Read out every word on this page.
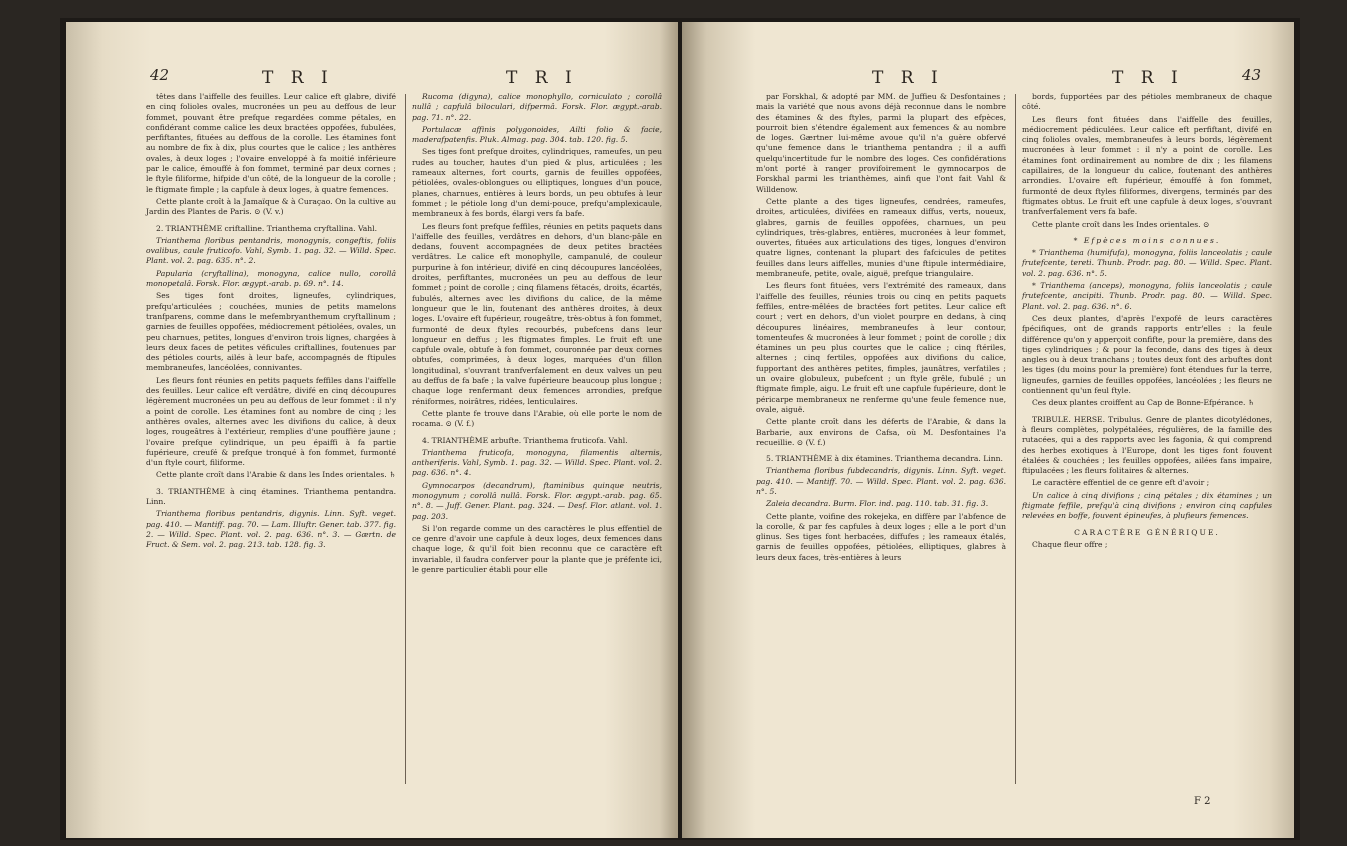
42	T R I	T R I

têtes dans l'aiffelle des feuilles. Leur calice eft glabre, divifé en cinq folioles ovales, mucronées un peu au deffous de leur fommet, pouvant être prefque regardées comme pétales, en confidérant comme calice les deux bractées oppofées, fubulées, perfiftantes, fituées au deffous de la corolle. Les étamines font au nombre de fix à dix, plus courtes que le calice ; les anthères ovales, à deux loges ; l'ovaire enveloppé à fa moitié inférieure par le calice, émouffé à fon fommet, terminé par deux cornes ; le ftyle filiforme, hifpide d'un côté, de la longueur de la corolle ; le ftigmate fimple ; la capfule à deux loges, à quatre femences.

Cette plante croît à la Jamaïque & à Curaçao. On la cultive au Jardin des Plantes de Paris. ⊙ (V. v.)

2. TRIANTHÈME criftalline. Trianthema cryftallina. Vahl.

Trianthema floribus pentandris, monogynis, congeftis, foliis ovalibus, caule fruticofo. Vahl, Symb. 1. pag. 32. — Willd. Spec. Plant. vol. 2. pag. 635. n°. 2.

Papularia (cryftallina), monogyna, calice nullo, corollâ monopetalâ. Forsk. Flor. ægypt.-arab. p. 69. n°. 14.

Ses tiges font droites, ligneufes, cylindriques, prefqu'articulées ; couchées, munies de petits mamelons tranfparens, comme dans le mefembryanthemum cryftallinum ; garnies de feuilles oppofées, médiocrement pétiolées, ovales, un peu charnues, petites, longues d'environ trois lignes, chargées à leurs deux faces de petites véficules criftallines, foutenues par des pétioles courts, ailés à leur bafe, accompagnés de ftipules membraneufes, lancéolées, connivantes.

Les fleurs font réunies en petits paquets feffiles dans l'aiffelle des feuilles. Leur calice eft verdâtre, divifé en cinq découpures légèrement mucronées un peu au deffous de leur fommet : il n'y a point de corolle. Les étamines font au nombre de cinq ; les anthères ovales, alternes avec les divifions du calice, à deux loges, rougeâtres à l'extérieur, remplies d'une pouffière jaune ; l'ovaire prefque cylindrique, un peu épaiffi à fa partie fupérieure, creufé & prefque tronqué à fon fommet, furmonté d'un ftyle court, filiforme.

Cette plante croît dans l'Arabie & dans les Indes orientales. ♄

3. TRIANTHÈME à cinq étamines. Trianthema pentandra. Linn.

Trianthema floribus pentandris, digynis. Linn. Syft. veget. pag. 410. — Mantiff. pag. 70. — Lam. Illuftr. Gener. tab. 377. fig. 2. — Willd. Spec. Plant. vol. 2. pag. 636. n°. 3. — Gærtn. de Fruct. & Sem. vol. 2. pag. 213. tab. 128. fig. 3.

Rucoma (digyna), calice monophyllo, corniculato ; corollâ nullâ ; capfulâ biloculari, difpermâ. Forsk. Flor. ægypt.-arab. pag. 71. n°. 22.

Portulacæ affinis polygonoides, Ailti folio & facie, maderafpatenfis. Pluk. Almag. pag. 304. tab. 120. fig. 5.

Ses tiges font prefque droites, cylindriques, rameufes, un peu rudes au toucher, hautes d'un pied & plus, articulées ; les rameaux alternes, fort courts, garnis de feuilles oppofées, pétiolées, ovales-oblongues ou elliptiques, longues d'un pouce, planes, charnues, entières à leurs bords, un peu obtufes à leur fommet ; le pétiole long d'un demi-pouce, prefqu'amplexicaule, membraneux à fes bords, élargi vers fa bafe.

Les fleurs font prefque feffiles, réunies en petits paquets dans l'aiffelle des feuilles, verdâtres en dehors, d'un blanc-pâle en dedans, fouvent accompagnées de deux petites bractées verdâtres. Le calice eft monophylle, campanulé, de couleur purpurine à fon intérieur, divifé en cinq découpures lancéolées, droites, perfiftantes, mucronées un peu au deffous de leur fommet ; point de corolle ; cinq filamens fétacés, droits, écartés, fubulés, alternes avec les divifions du calice, de la même longueur que le lin, foutenant des anthères droites, à deux loges. L'ovaire eft fupérieur, rougeâtre, très-obtus à fon fommet, furmonté de deux ftyles recourbés, pubefcens dans leur longueur en deffus ; les ftigmates fimples. Le fruit eft une capfule ovale, obtufe à fon fommet, couronnée par deux cornes obtufes, comprimées, à deux loges, marquées d'un fillon longitudinal, s'ouvrant tranfverfalement en deux valves un peu au deffus de fa bafe ; la valve fupérieure beaucoup plus longue ; chaque loge renfermant deux femences arrondies, prefque réniformes, noirâtres, ridées, lenticulaires.

Cette plante fe trouve dans l'Arabie, où elle porte le nom de rocama. ⊙ (V. f.)

4. TRIANTHÈME arbufte. Trianthema fruticofa. Vahl.

Trianthema fruticofa, monogyna, filamentis alternis, antheriferis. Vahl, Symb. 1. pag. 32. — Willd. Spec. Plant. vol. 2. pag. 636. n°. 4.

Gymnocarpos (decandrum), ftaminibus quinque neutris, monogynum ; corollâ nullâ. Forsk. Flor. ægypt.-arab. pag. 65. n°. 8. — Juff. Gener. Plant. pag. 324. — Desf. Flor. atlant. vol. 1. pag. 203.

Si l'on regarde comme un des caractères le plus effentiel de ce genre d'avoir une capfule à deux loges, deux femences dans chaque loge, & qu'il foit bien reconnu que ce caractère eft invariable, il faudra conferver pour la plante que je préfente ici, le genre particulier établi pour elle

T R I	T R I	43

par Forskhal, & adopté par MM. de Juffieu & Desfontaines ; mais la variété que nous avons déjà reconnue dans le nombre des étamines & des ftyles, parmi la plupart des efpèces, pourroit bien s'étendre également aux femences & au nombre de loges. Gærtner lui-même avoue qu'il n'a guère obfervé qu'une femence dans le trianthema pentandra ; il a auffi quelqu'incertitude fur le nombre des loges. Ces confidérations m'ont porté à ranger provifoirement le gymnocarpos de Forskhal parmi les trianthèmes, ainfi que l'ont fait Vahl & Willdenow.

Cette plante a des tiges ligneufes, cendrées, rameufes, droites, articulées, divifées en rameaux diffus, verts, noueux, glabres, garnis de feuilles oppofées, charnues, un peu cylindriques, très-glabres, entières, mucronées à leur fommet, ouvertes, fituées aux articulations des tiges, longues d'environ quatre lignes, contenant la plupart des fafcicules de petites feuilles dans leurs aiffelles, munies d'une ftipule intermédiaire, membraneufe, petite, ovale, aiguë, prefque triangulaire.

Les fleurs font fituées, vers l'extrémité des rameaux, dans l'aiffelle des feuilles, réunies trois ou cinq en petits paquets feffiles, entre-mêlées de bractées fort petites. Leur calice eft court ; vert en dehors, d'un violet pourpre en dedans, à cinq découpures linéaires, membraneufes à leur contour, tomenteufes & mucronées à leur fommet ; point de corolle ; dix étamines un peu plus courtes que le calice ; cinq ftériles, alternes ; cinq fertiles, oppofées aux divifions du calice, fupportant des anthères petites, fimples, jaunâtres, verfatiles ; un ovaire globuleux, pubefcent ; un ftyle grêle, fubulé ; un ftigmate fimple, aigu. Le fruit eft une capfule fupérieure, dont le péricarpe membraneux ne renferme qu'une feule femence nue, ovale, aiguë.

Cette plante croît dans les déferts de l'Arabie, & dans la Barbarie, aux environs de Cafsa, où M. Desfontaines l'a recueillie. ⊙ (V. f.)

5. TRIANTHÈME à dix étamines. Trianthema decandra. Linn.

Trianthema floribus fubdecandris, digynis. Linn. Syft. veget. pag. 410. — Mantiff. 70. — Willd. Spec. Plant. vol. 2. pag. 636. n°. 5.

Zaleia decandra. Burm. Flor. ind. pag. 110. tab. 31. fig. 3.

Cette plante, voifine des rokejeka, en diffère par l'abfence de la corolle, & par fes capfules à deux loges ; elle a le port d'un glinus. Ses tiges font herbacées, diffufes ; les rameaux étalés, garnis de feuilles oppofées, pétiolées, elliptiques, glabres à leurs deux faces, très-entières à leurs

bords, fupportées par des pétioles membraneux de chaque côté.

Les fleurs font fituées dans l'aiffelle des feuilles, médiocrement pédiculées. Leur calice eft perfiftant, divifé en cinq folioles ovales, membraneufes à leurs bords, légèrement mucronées à leur fommet : il n'y a point de corolle. Les étamines font ordinairement au nombre de dix ; les filamens capillaires, de la longueur du calice, foutenant des anthères arrondies. L'ovaire eft fupérieur, émouffé à fon fommet, furmonté de deux ftyles filiformes, divergens, terminés par des ftigmates obtus. Le fruit eft une capfule à deux loges, s'ouvrant tranfverfalement vers fa bafe.

Cette plante croît dans les Indes orientales. ⊙

* Efpèces moins connues.

* Trianthema (humifufa), monogyna, foliis lanceolatis ; caule frutefcente, tereti. Thunb. Prodr. pag. 80. — Willd. Spec. Plant. vol. 2. pag. 636. n°. 5.

* Trianthema (anceps), monogyna, foliis lanceolatis ; caule frutefcente, ancipiti. Thunb. Prodr. pag. 80. — Willd. Spec. Plant. vol. 2. pag. 636. n°. 6.

Ces deux plantes, d'après l'expofé de leurs caractères fpécifiques, ont de grands rapports entr'elles : la feule différence qu'on y apperçoit confifte, pour la première, dans des tiges cylindriques ; & pour la feconde, dans des tiges à deux angles ou à deux tranchans ; toutes deux font des arbuftes dont les tiges (du moins pour la première) font étendues fur la terre, ligneufes, garnies de feuilles oppofées, lancéolées ; les fleurs ne contiennent qu'un feul ftyle.

Ces deux plantes croiffent au Cap de Bonne-Efpérance. ♄

TRIBULE. HERSE. Tribulus. Genre de plantes dicotylédones, à fleurs complètes, polypétalées, régulières, de la famille des rutacées, qui a des rapports avec les fagonia, & qui comprend des herbes exotiques à l'Europe, dont les tiges font fouvent étalées & couchées ; les feuilles oppofées, ailées fans impaire, ftipulacées ; les fleurs folitaires & alternes.

Le caractère effentiel de ce genre eft d'avoir ;

Un calice à cinq divifions ; cinq pétales ; dix étamines ; un ftigmate feffile, prefqu'à cinq divifions ; environ cinq capfules relevées en boffe, fouvent épineufes, à plufieurs femences.

CARACTÈRE GÉNÉRIQUE.

Chaque fleur offre ;

F 2
